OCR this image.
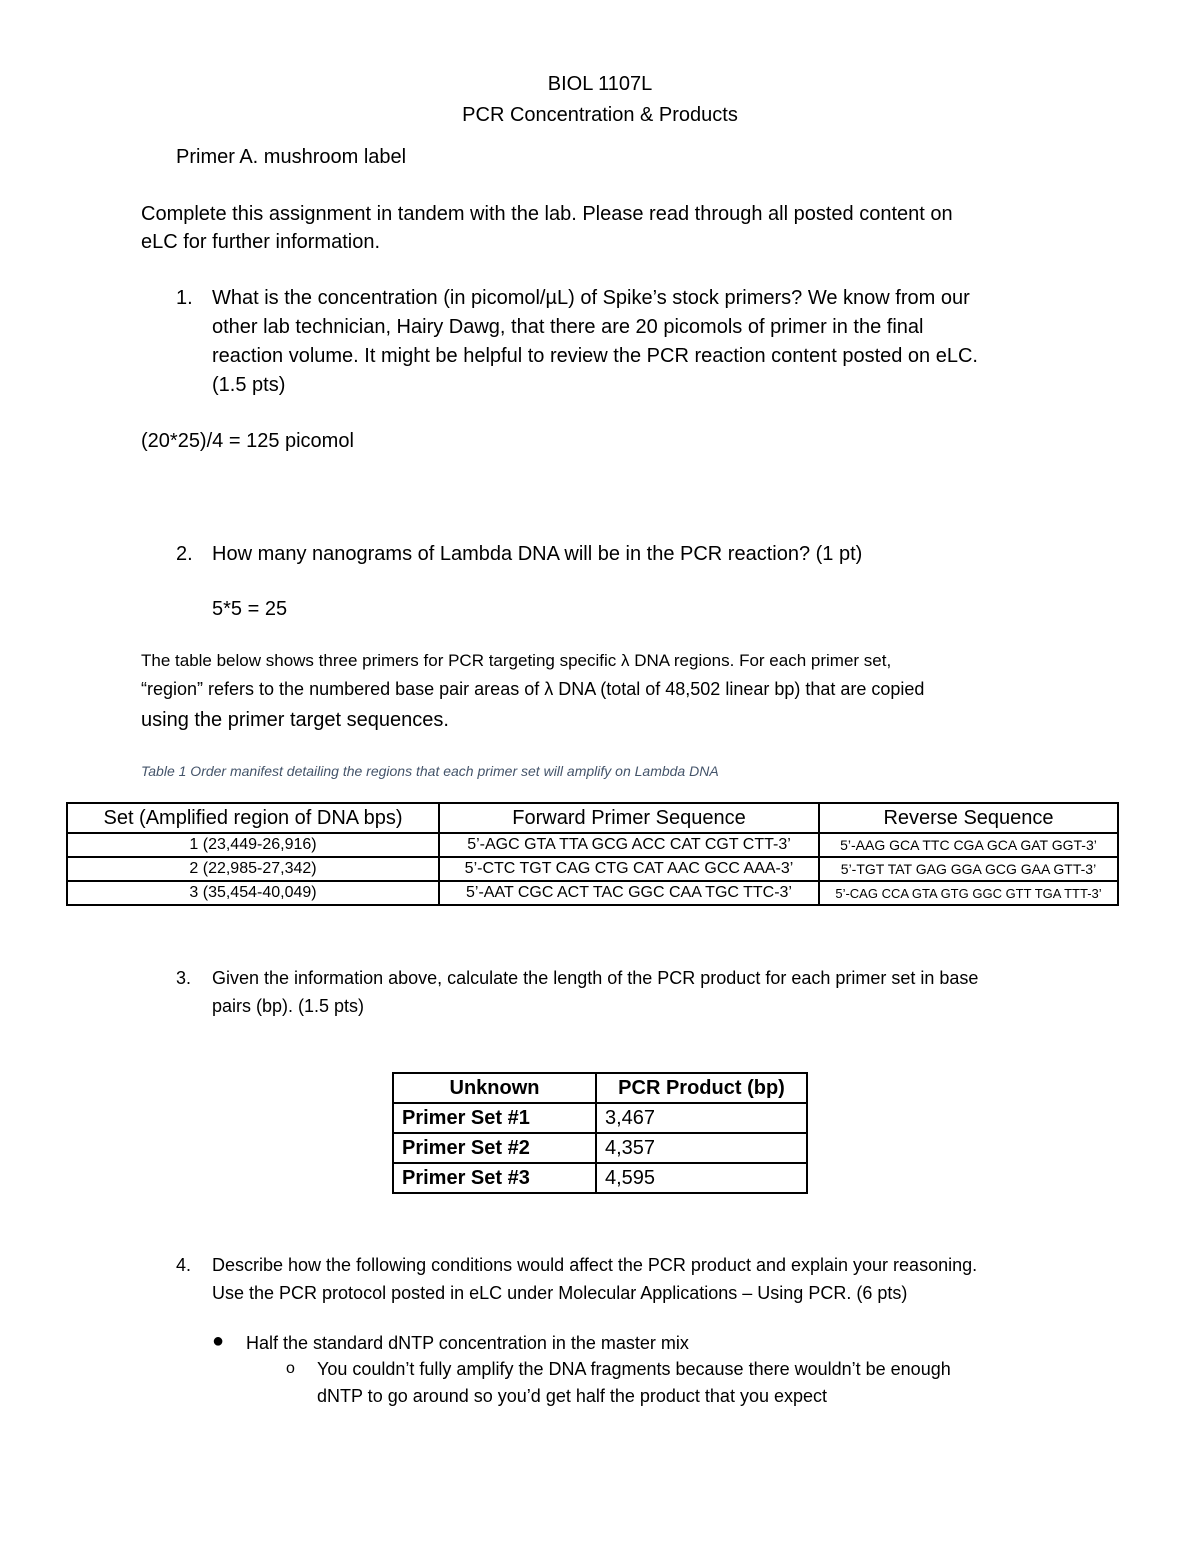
BIOL 1107L
PCR Concentration & Products
Primer A. mushroom label
Complete this assignment in tandem with the lab. Please read through all posted content on
eLC for further information.
1. What is the concentration (in picomol/µL) of Spike’s stock primers? We know from our
other lab technician, Hairy Dawg, that there are 20 picomols of primer in the final
reaction volume. It might be helpful to review the PCR reaction content posted on eLC.
(1.5 pts)
(20*25)/4 = 125 picomol
2. How many nanograms of Lambda DNA will be in the PCR reaction? (1 pt)
5*5 = 25
The table below shows three primers for PCR targeting specific λ DNA regions. For each primer set,
“region” refers to the numbered base pair areas of λ DNA (total of 48,502 linear bp) that are copied
using the primer target sequences.
Table 1 Order manifest detailing the regions that each primer set will amplify on Lambda DNA
Set (Amplified region of DNA bps)	Forward Primer Sequence	Reverse Sequence
1 (23,449-26,916)	5’-AGC GTA TTA GCG ACC CAT CGT CTT-3’	5’-AAG GCA TTC CGA GCA GAT GGT-3’
2 (22,985-27,342)	5’-CTC TGT CAG CTG CAT AAC GCC AAA-3’	5’-TGT TAT GAG GGA GCG GAA GTT-3’
3 (35,454-40,049)	5’-AAT CGC ACT TAC GGC CAA TGC TTC-3’	5’-CAG CCA GTA GTG GGC GTT TGA TTT-3’
3. Given the information above, calculate the length of the PCR product for each primer set in base
pairs (bp). (1.5 pts)
Unknown	PCR Product (bp)
Primer Set #1	3,467
Primer Set #2	4,357
Primer Set #3	4,595
4. Describe how the following conditions would affect the PCR product and explain your reasoning.
Use the PCR protocol posted in eLC under Molecular Applications – Using PCR. (6 pts)
● Half the standard dNTP concentration in the master mix
o You couldn’t fully amplify the DNA fragments because there wouldn’t be enough
dNTP to go around so you’d get half the product that you expect
